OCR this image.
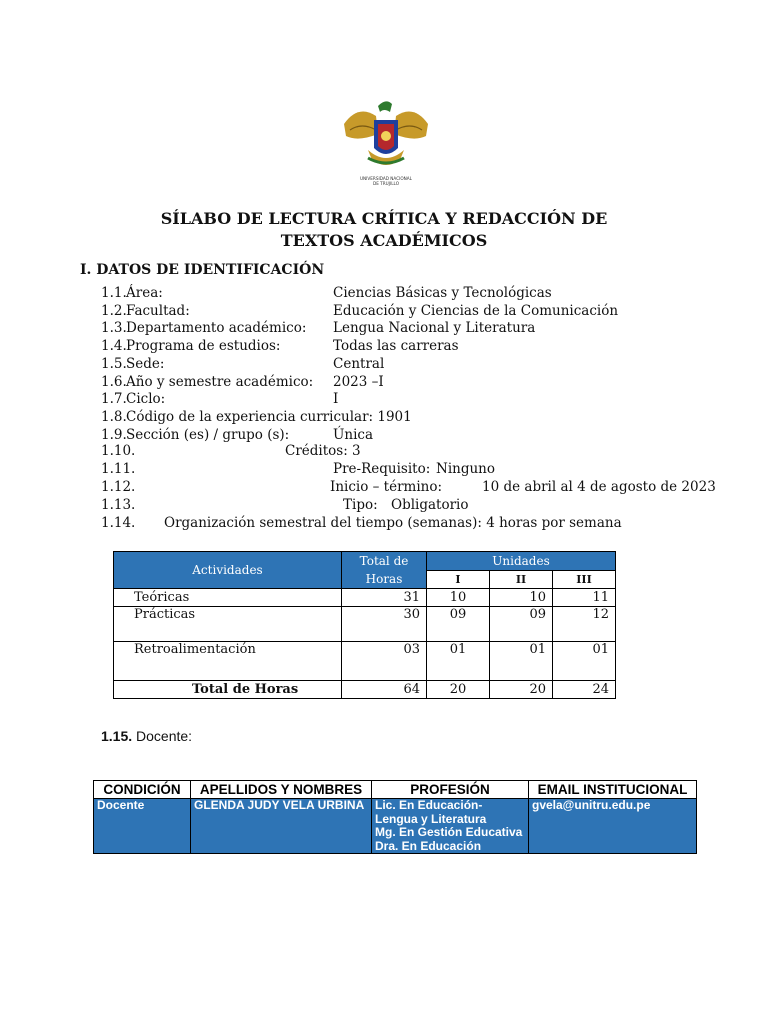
UNIVERSIDAD NACIONAL
DE TRUJILLO
SÍLABO DE LECTURA CRÍTICA Y REDACCIÓN DE
TEXTOS ACADÉMICOS
I. DATOS DE IDENTIFICACIÓN
1.1. Área:	Ciencias Básicas y Tecnológicas
1.2. Facultad:	Educación y Ciencias de la Comunicación
1.3. Departamento académico: Lengua Nacional y Literatura
1.4. Programa de estudios:	Todas las carreras
1.5. Sede:	Central
1.6. Año y semestre académico: 2023 –I
1.7. Ciclo:	I
1.8. Código de la experiencia curricular: 1901
1.9. Sección (es) / grupo (s):	Única
1.10.	Créditos: 3
1.11.	Pre-Requisito: Ninguno
1.12.	Inicio – término:	10 de abril al 4 de agosto de 2023
1.13.	Tipo: Obligatorio
1.14. Organización semestral del tiempo (semanas): 4 horas por semana
Actividades	Total de Horas	Unidades		
		I	II	III
Teóricas	31	10	10	11
Prácticas	30	09	09	12
Retroalimentación	03	01	01	01
Total de Horas	64	20	20	24
1.15. Docente:
CONDICIÓN	APELLIDOS Y NOMBRES	PROFESIÓN	EMAIL INSTITUCIONAL
Docente	GLENDA JUDY VELA URBINA	Lic. En Educación-
Lengua y Literatura
Mg. En Gestión Educativa
Dra. En Educación	gvela@unitru.edu.pe
